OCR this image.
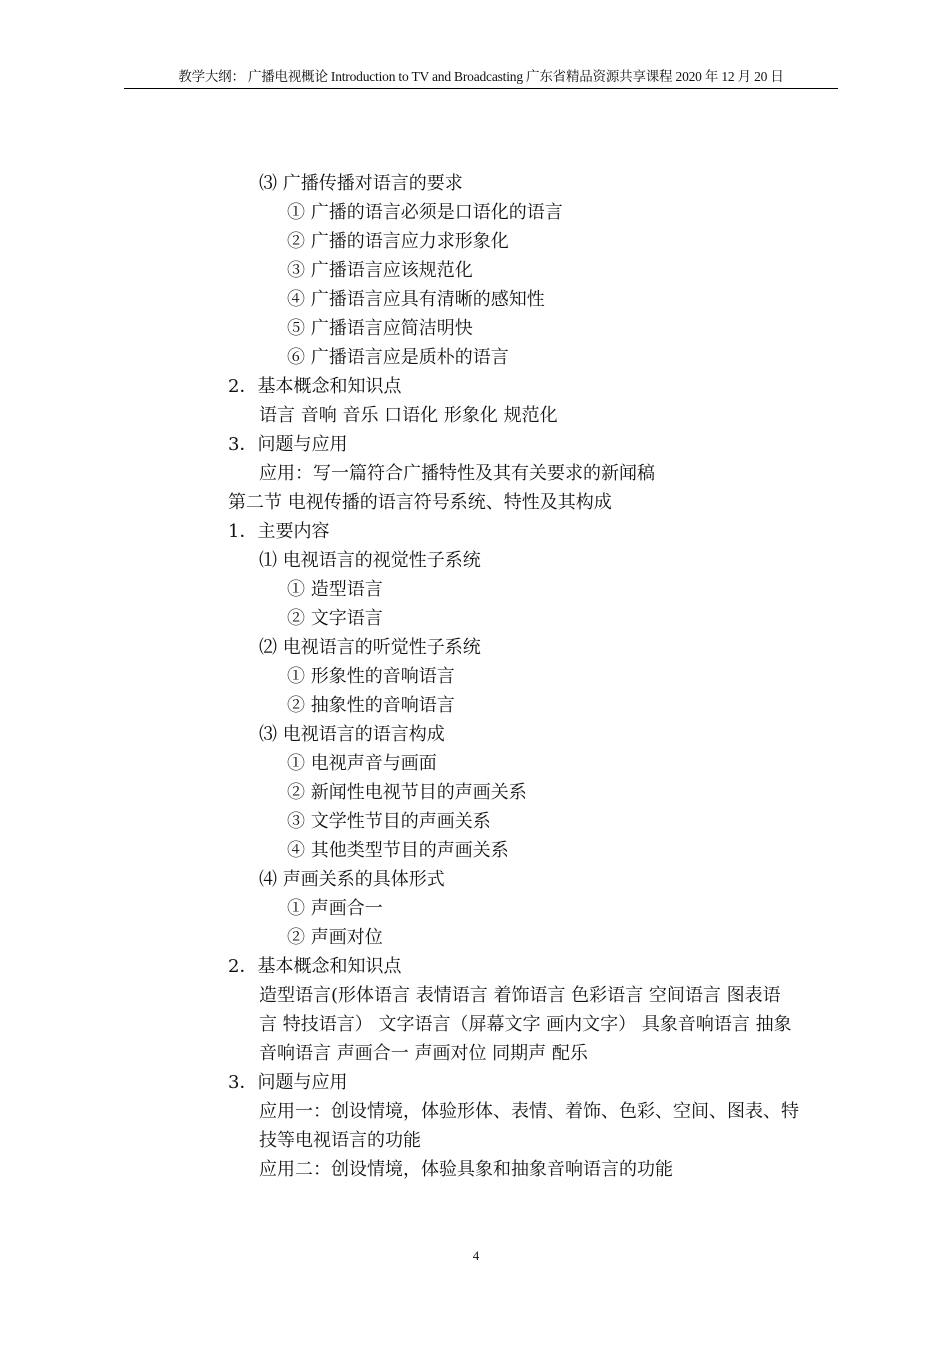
教学大纲： 广播电视概论 Introduction to TV and Broadcasting 广东省精品资源共享课程 2020 年 12 月 20 日
⑶ 广播传播对语言的要求
① 广播的语言必须是口语化的语言
② 广播的语言应力求形象化
③ 广播语言应该规范化
④ 广播语言应具有清晰的感知性
⑤ 广播语言应简洁明快
⑥ 广播语言应是质朴的语言
2．基本概念和知识点
语言 音响 音乐 口语化 形象化 规范化
3．问题与应用
应用：写一篇符合广播特性及其有关要求的新闻稿
第二节 电视传播的语言符号系统、特性及其构成
1．主要内容
⑴ 电视语言的视觉性子系统
① 造型语言
② 文字语言
⑵ 电视语言的听觉性子系统
① 形象性的音响语言
② 抽象性的音响语言
⑶ 电视语言的语言构成
① 电视声音与画面
② 新闻性电视节目的声画关系
③ 文学性节目的声画关系
④ 其他类型节目的声画关系
⑷ 声画关系的具体形式
① 声画合一
② 声画对位
2．基本概念和知识点
造型语言(形体语言 表情语言 着饰语言 色彩语言 空间语言 图表语
言 特技语言） 文字语言（屏幕文字 画内文字） 具象音响语言 抽象
音响语言 声画合一 声画对位 同期声 配乐
3．问题与应用
应用一：创设情境，体验形体、表情、着饰、色彩、空间、图表、特
技等电视语言的功能
应用二：创设情境，体验具象和抽象音响语言的功能
4
